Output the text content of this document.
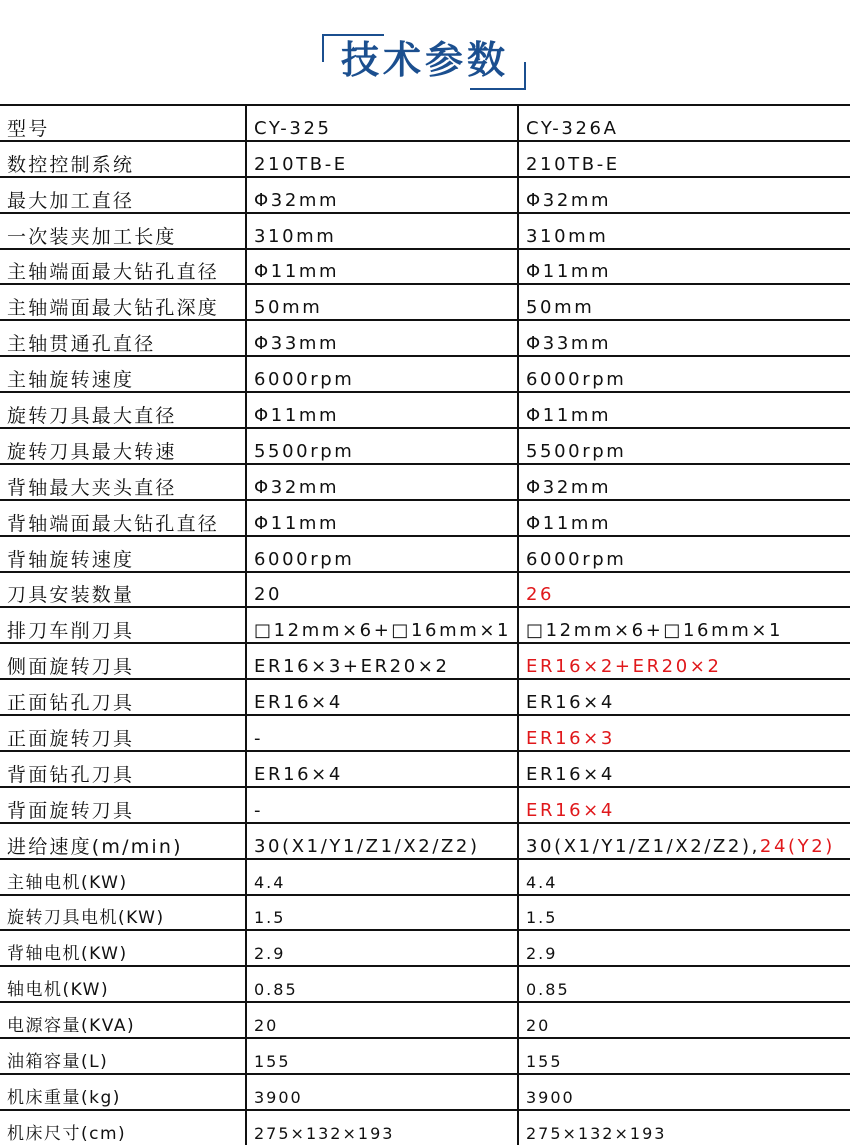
技术参数
型号	CY-325	CY-326A
数控控制系统	210TB-E	210TB-E
最大加工直径	Φ32mm	Φ32mm
一次装夹加工长度	310mm	310mm
主轴端面最大钻孔直径	Φ11mm	Φ11mm
主轴端面最大钻孔深度	50mm	50mm
主轴贯通孔直径	Φ33mm	Φ33mm
主轴旋转速度	6000rpm	6000rpm
旋转刀具最大直径	Φ11mm	Φ11mm
旋转刀具最大转速	5500rpm	5500rpm
背轴最大夹头直径	Φ32mm	Φ32mm
背轴端面最大钻孔直径	Φ11mm	Φ11mm
背轴旋转速度	6000rpm	6000rpm
刀具安装数量	20	26
排刀车削刀具	□12mm×6+□16mm×1	□12mm×6+□16mm×1
侧面旋转刀具	ER16×3+ER20×2	ER16×2+ER20×2
正面钻孔刀具	ER16×4	ER16×4
正面旋转刀具	-	ER16×3
背面钻孔刀具	ER16×4	ER16×4
背面旋转刀具	-	ER16×4
进给速度(m/min)	30(X1/Y1/Z1/X2/Z2)	30(X1/Y1/Z1/X2/Z2),24(Y2)
主轴电机(KW)	4.4	4.4
旋转刀具电机(KW)	1.5	1.5
背轴电机(KW)	2.9	2.9
轴电机(KW)	0.85	0.85
电源容量(KVA)	20	20
油箱容量(L)	155	155
机床重量(kg)	3900	3900
机床尺寸(cm)	275×132×193	275×132×193
